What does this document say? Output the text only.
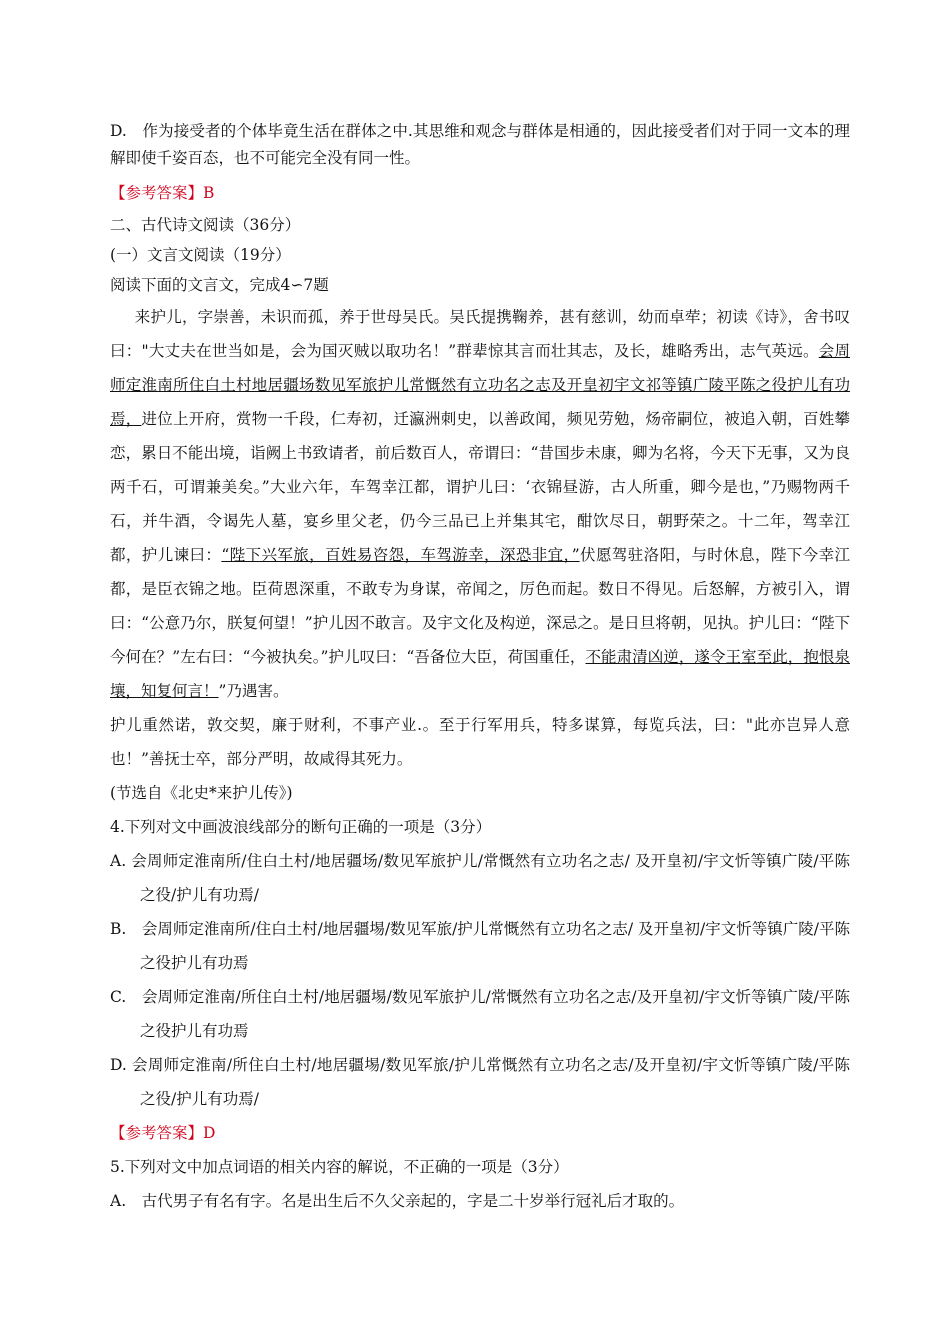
D.　作为接受者的个体毕竟生活在群体之中.其思维和观念与群体是相通的，因此接受者们对于同一文本的理解即使千姿百态，也不可能完全没有同一性。
【参考答案】B
二、古代诗文阅读（36分）
(一）文言文阅读（19分）
阅读下面的文言文，完成4∽7题
来护儿，字崇善，未识而孤，养于世母吴氏。吴氏提携鞠养，甚有慈训，幼而卓荦；初读《诗》，舍书叹曰："大丈夫在世当如是，会为国灭贼以取功名！”群辈惊其言而壮其志，及长，雄略秀出，志气英远。会周师定淮南所住白土村地居疆场数见军旅护儿常慨然有立功名之志及开皇初宇文祁等镇广陵平陈之役护儿有功焉，进位上开府，赏物一千段，仁寿初，迁瀛洲刺史，以善政闻，频见劳勉，炀帝嗣位，被追入朝，百姓攀恋，累日不能出境，诣阙上书致请者，前后数百人，帝谓曰：“昔国步未康，卿为名将，今天下无事，又为良两千石，可谓兼美矣。”大业六年，车驾幸江都，谓护儿曰：‘衣锦昼游，古人所重，卿今是也，”乃赐物两千石，并牛酒，令谒先人墓，宴乡里父老，仍今三品已上并集其宅，酣饮尽日，朝野荣之。十二年，驾幸江都，护儿谏曰：“陛下兴军旅，百姓易咨怨，车驾游幸，深恐非宜，”伏愿驾驻洛阳，与时休息，陛下今幸江都，是臣衣锦之地。臣荷恩深重，不敢专为身谋，帝闻之，厉色而起。数日不得见。后怒解，方被引入，谓曰：“公意乃尔，朕复何望！”护儿因不敢言。及宇文化及构逆，深忌之。是日旦将朝，见执。护儿曰：“陛下今何在？”左右曰：“今被执矣。”护儿叹曰：“吾备位大臣，荷国重任，不能肃清凶逆，遂令王室至此，抱恨泉壤，知复何言！”乃遇害。
护儿重然诺，敦交契，廉于财利，不事产业.。至于行军用兵，特多谋算，每览兵法，曰："此亦岂异人意也！”善抚士卒，部分严明，故咸得其死力。
(节选自《北史*来护儿传》)
4.下列对文中画波浪线部分的断句正确的一项是（3分）
A. 会周师定淮南所/住白土村/地居疆场/数见军旅护儿/常慨然有立功名之志/ 及开皇初/宇文忻等镇广陵/平陈之役/护儿有功焉/
B.　会周师定淮南所/住白土村/地居疆埸/数见军旅/护儿常慨然有立功名之志/ 及开皇初/宇文忻等镇广陵/平陈之役护儿有功焉
C.　会周师定淮南/所住白土村/地居疆埸/数见军旅护儿/常慨然有立功名之志/及开皇初/宇文忻等镇广陵/平陈之役护儿有功焉
D. 会周师定淮南/所住白土村/地居疆埸/数见军旅/护儿常慨然有立功名之志/及开皇初/宇文忻等镇广陵/平陈之役/护儿有功焉/
【参考答案】D
5.下列对文中加点词语的相关内容的解说，不正确的一项是（3分）
A.　古代男子有名有字。名是出生后不久父亲起的，字是二十岁举行冠礼后才取的。
